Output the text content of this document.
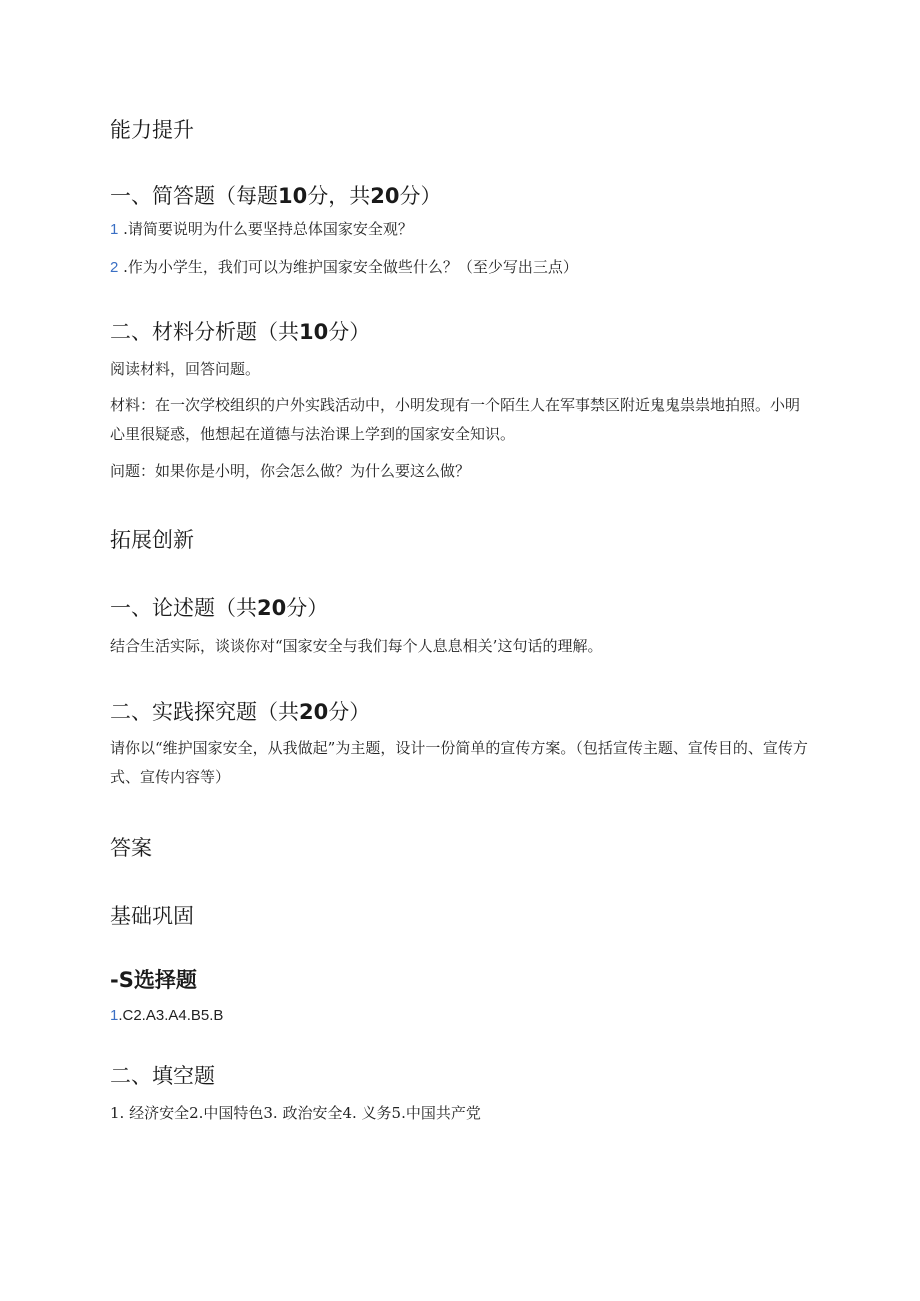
能力提升
一、简答题（每题10分，共20分）
1 .请简要说明为什么要坚持总体国家安全观？
2 .作为小学生，我们可以为维护国家安全做些什么？（至少写出三点）
二、材料分析题（共10分）
阅读材料，回答问题。
材料：在一次学校组织的户外实践活动中，小明发现有一个陌生人在军事禁区附近鬼鬼祟祟地拍照。小明心里很疑惑，他想起在道德与法治课上学到的国家安全知识。
问题：如果你是小明，你会怎么做？为什么要这么做？
拓展创新
一、论述题（共20分）
结合生活实际，谈谈你对“国家安全与我们每个人息息相关’这句话的理解。
二、实践探究题（共20分）
请你以“维护国家安全，从我做起”为主题，设计一份简单的宣传方案。（包括宣传主题、宣传目的、宣传方式、宣传内容等）
答案
基础巩固
-S选择题
1.C2.A3.A4.B5.B
二、填空题
1. 经济安全2.中国特色3. 政治安全4. 义务5.中国共产党
